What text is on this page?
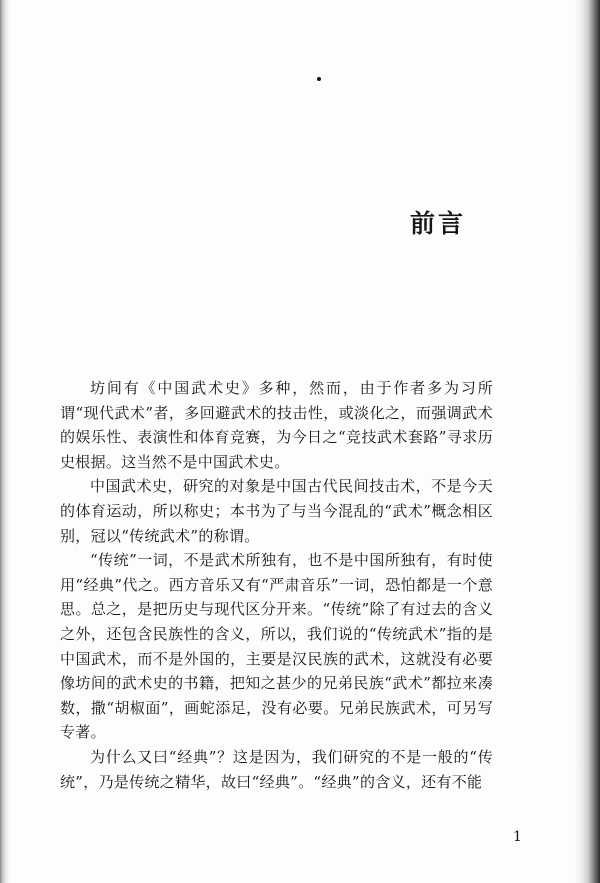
前言

坊间有《中国武术史》多种，然而，由于作者多为习所谓“现代武术”者，多回避武术的技击性，或淡化之，而强调武术的娱乐性、表演性和体育竞赛，为今日之“竞技武术套路”寻求历史根据。这当然不是中国武术史。

中国武术史，研究的对象是中国古代民间技击术，不是今天的体育运动，所以称史；本书为了与当今混乱的“武术”概念相区别，冠以“传统武术”的称谓。

“传统”一词，不是武术所独有，也不是中国所独有，有时使用“经典”代之。西方音乐又有“严肃音乐”一词，恐怕都是一个意思。总之，是把历史与现代区分开来。“传统”除了有过去的含义之外，还包含民族性的含义，所以，我们说的“传统武术”指的是中国武术，而不是外国的，主要是汉民族的武术，这就没有必要像坊间的武术史的书籍，把知之甚少的兄弟民族“武术”都拉来凑数，撒“胡椒面”，画蛇添足，没有必要。兄弟民族武术，可另写专著。

为什么又曰“经典”？这是因为，我们研究的不是一般的“传统”，乃是传统之精华，故曰“经典”。“经典”的含义，还有不能

1
